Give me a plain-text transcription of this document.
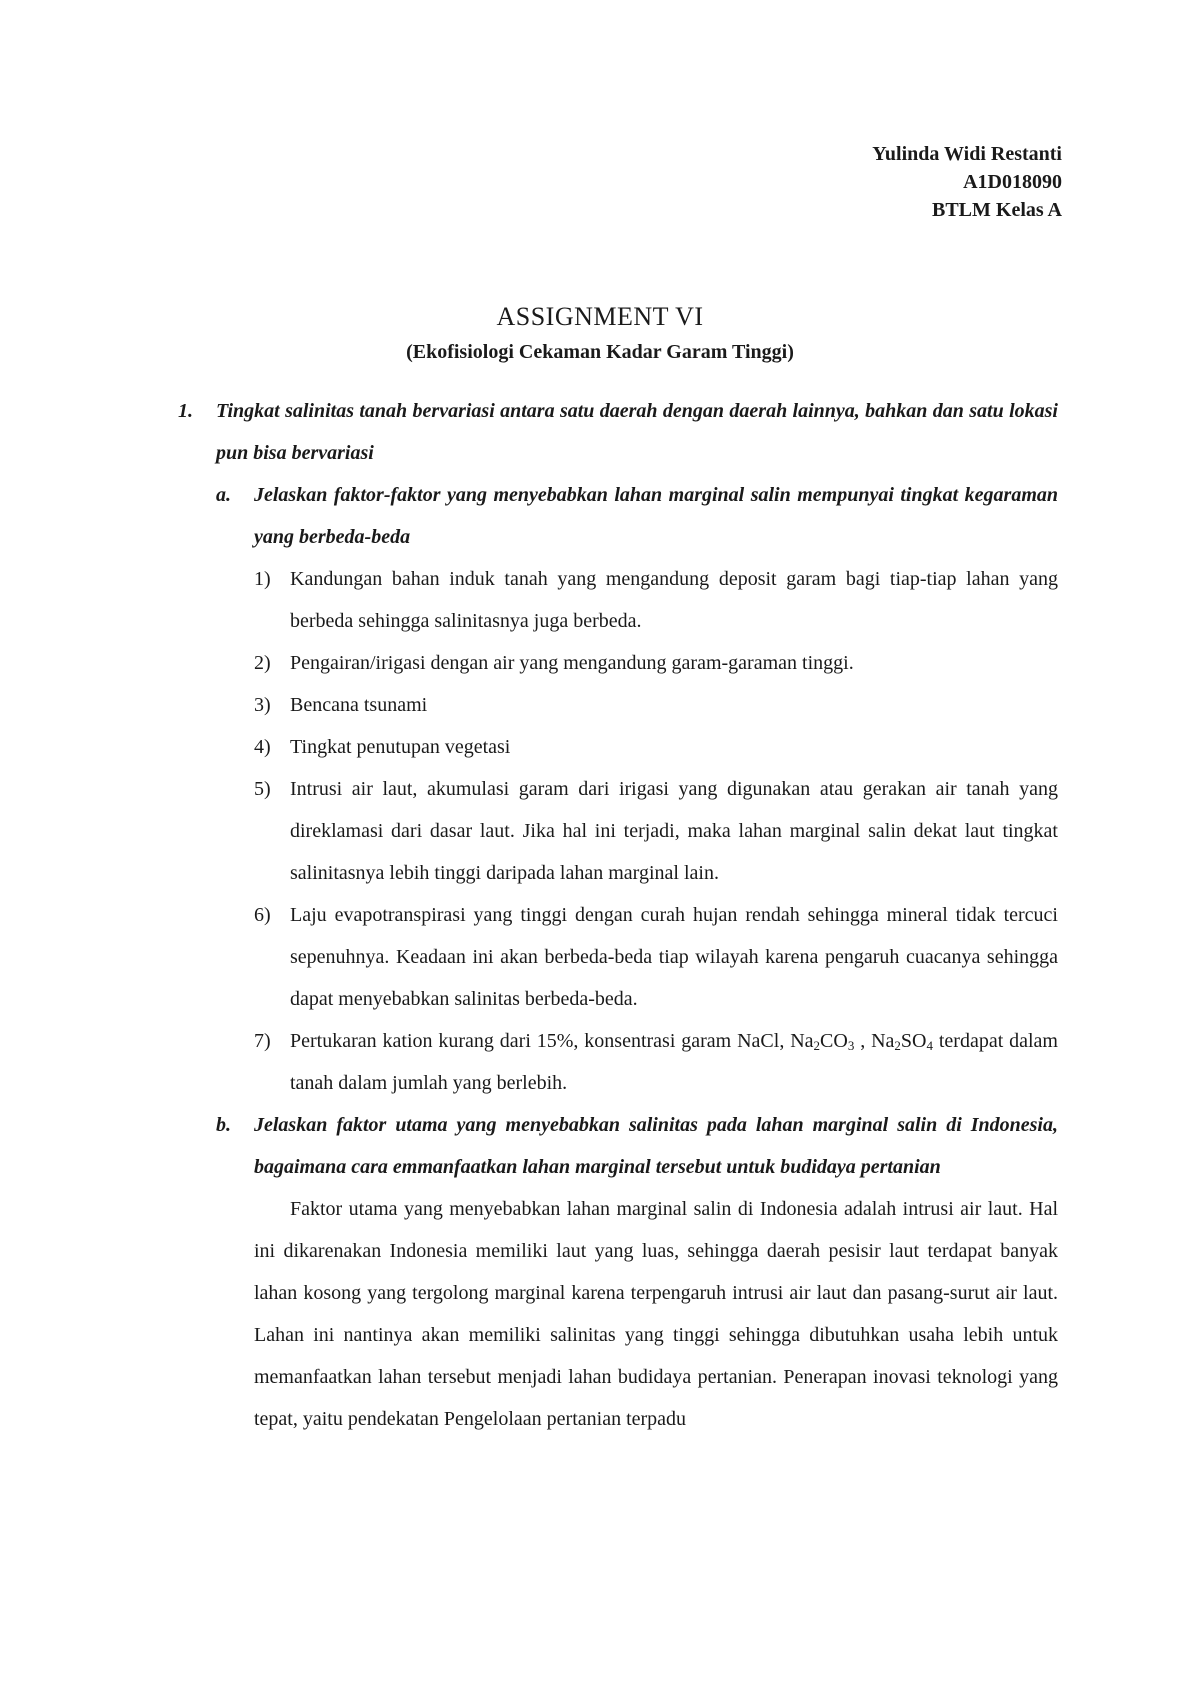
Yulinda Widi Restanti
A1D018090
BTLM Kelas A
ASSIGNMENT VI
(Ekofisiologi Cekaman Kadar Garam Tinggi)
1. Tingkat salinitas tanah bervariasi antara satu daerah dengan daerah lainnya, bahkan dan satu lokasi pun bisa bervariasi
a. Jelaskan faktor-faktor yang menyebabkan lahan marginal salin mempunyai tingkat kegaraman yang berbeda-beda
1) Kandungan bahan induk tanah yang mengandung deposit garam bagi tiap-tiap lahan yang berbeda sehingga salinitasnya juga berbeda.
2) Pengairan/irigasi dengan air yang mengandung garam-garaman tinggi.
3) Bencana tsunami
4) Tingkat penutupan vegetasi
5) Intrusi air laut, akumulasi garam dari irigasi yang digunakan atau gerakan air tanah yang direklamasi dari dasar laut. Jika hal ini terjadi, maka lahan marginal salin dekat laut tingkat salinitasnya lebih tinggi daripada lahan marginal lain.
6) Laju evapotranspirasi yang tinggi dengan curah hujan rendah sehingga mineral tidak tercuci sepenuhnya. Keadaan ini akan berbeda-beda tiap wilayah karena pengaruh cuacanya sehingga dapat menyebabkan salinitas berbeda-beda.
7) Pertukaran kation kurang dari 15%, konsentrasi garam NaCl, $Na_2CO_3$ , $Na_2SO_4$ terdapat dalam tanah dalam jumlah yang berlebih.
b. Jelaskan faktor utama yang menyebabkan salinitas pada lahan marginal salin di Indonesia, bagaimana cara emmanfaatkan lahan marginal tersebut untuk budidaya pertanian
Faktor utama yang menyebabkan lahan marginal salin di Indonesia adalah intrusi air laut. Hal ini dikarenakan Indonesia memiliki laut yang luas, sehingga daerah pesisir laut terdapat banyak lahan kosong yang tergolong marginal karena terpengaruh intrusi air laut dan pasang-surut air laut. Lahan ini nantinya akan memiliki salinitas yang tinggi sehingga dibutuhkan usaha lebih untuk memanfaatkan lahan tersebut menjadi lahan budidaya pertanian. Penerapan inovasi teknologi yang tepat, yaitu pendekatan Pengelolaan pertanian terpadu
